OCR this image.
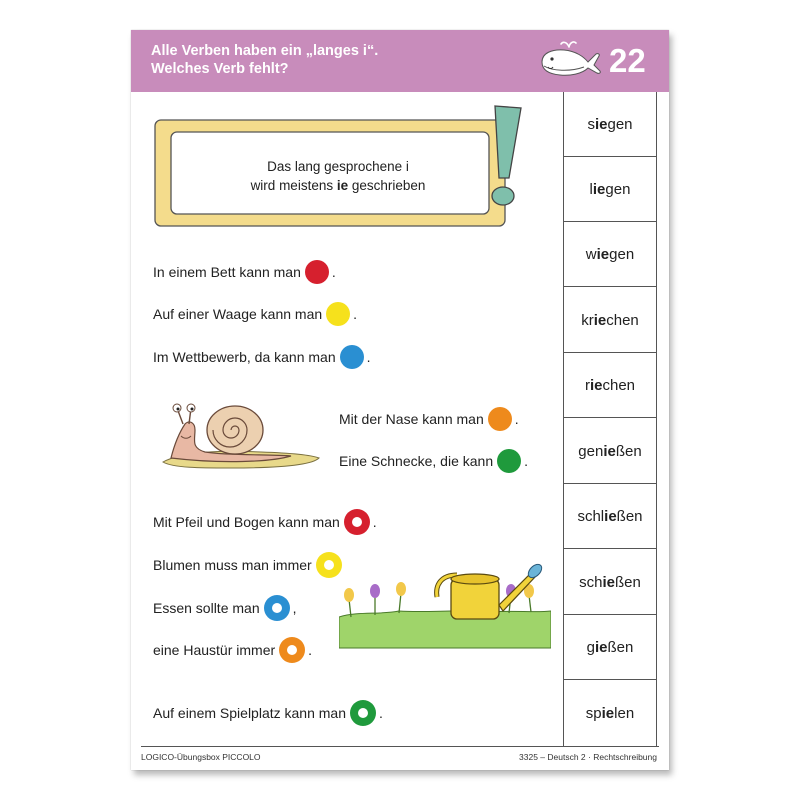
Alle Verben haben ein „langes i“.
Welches Verb fehlt?	22
Das lang gesprochene i
wird meistens ie geschrieben
In einem Bett kann man .
Auf einer Waage kann man .
Im Wettbewerb, da kann man .
Mit der Nase kann man .
Eine Schnecke, die kann .
Mit Pfeil und Bogen kann man .
Blumen muss man immer
Essen sollte man ,
eine Haustür immer .
Auf einem Spielplatz kann man .
s ie gen
l ie gen
w ie gen
kr ie chen
r ie chen
gen ie ßen
schl ie ßen
sch ie ßen
g ie ßen
sp ie len
LOGICO-Übungsbox PICCOLO	3325 – Deutsch 2 · Rechtschreibung
